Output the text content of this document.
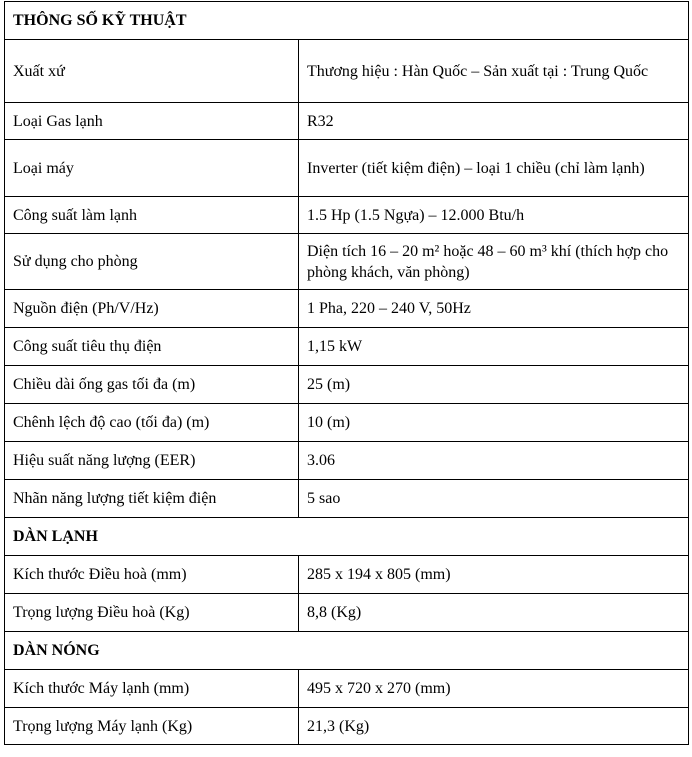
THÔNG SỐ KỸ THUẬT	
Xuất xứ	Thương hiệu : Hàn Quốc – Sản xuất tại : Trung Quốc
Loại Gas lạnh	R32
Loại máy	Inverter (tiết kiệm điện) – loại 1 chiều (chỉ làm lạnh)
Công suất làm lạnh	1.5 Hp (1.5 Ngựa) – 12.000 Btu/h
Sử dụng cho phòng	Diện tích 16 – 20 m² hoặc 48 – 60 m³ khí (thích hợp cho phòng khách, văn phòng)
Nguồn điện (Ph/V/Hz)	1 Pha, 220 – 240 V, 50Hz
Công suất tiêu thụ điện	1,15 kW
Chiều dài ống gas tối đa (m)	25 (m)
Chênh lệch độ cao (tối đa) (m)	10 (m)
Hiệu suất năng lượng (EER)	3.06
Nhãn năng lượng tiết kiệm điện	5 sao
DÀN LẠNH	
Kích thước Điều hoà (mm)	285 x 194 x 805 (mm)
Trọng lượng Điều hoà (Kg)	8,8 (Kg)
DÀN NÓNG	
Kích thước Máy lạnh (mm)	495 x 720 x 270 (mm)
Trọng lượng Máy lạnh (Kg)	21,3 (Kg)
